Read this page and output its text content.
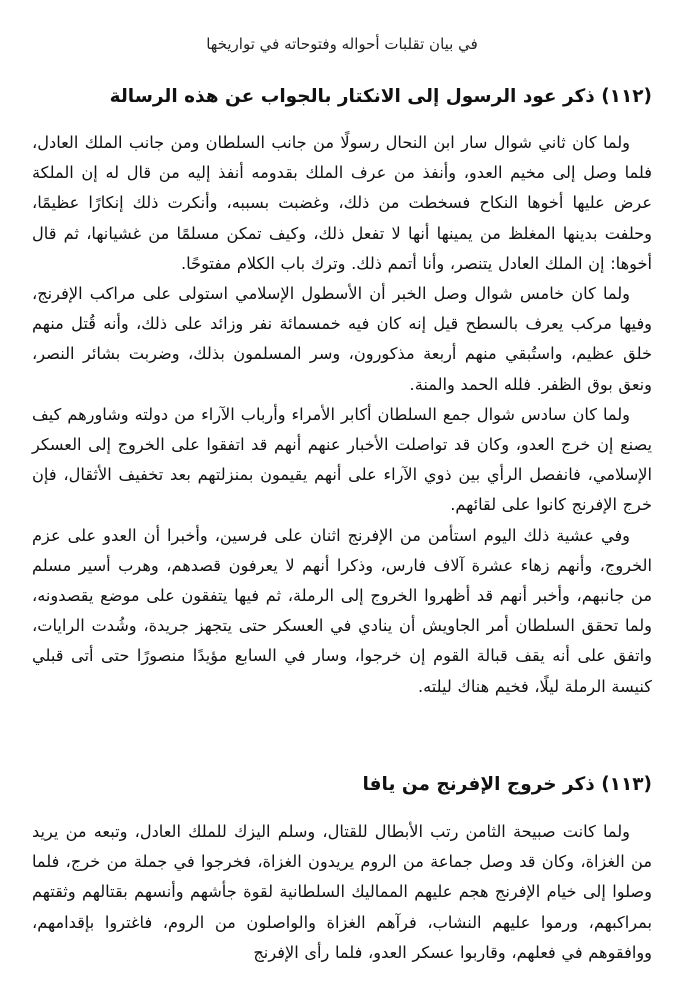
في بيان تقلبات أحواله وفتوحاته في تواريخها
(١١٢) ذكر عود الرسول إلى الانكتار بالجواب عن هذه الرسالة

ولما كان ثاني شوال سار ابن النحال رسولًا من جانب السلطان ومن جانب الملك العادل، فلما وصل إلى مخيم العدو، وأنفذ من عرف الملك بقدومه أنفذ إليه من قال له إن الملكة عرض عليها أخوها النكاح فسخطت من ذلك، وغضبت بسببه، وأنكرت ذلك إنكارًا عظيمًا، وحلفت بدينها المغلظ من يمينها أنها لا تفعل ذلك، وكيف تمكن مسلمًا من غشيانها، ثم قال أخوها: إن الملك العادل يتنصر، وأنا أتمم ذلك. وترك باب الكلام مفتوحًا.

ولما كان خامس شوال وصل الخبر أن الأسطول الإسلامي استولى على مراكب الإفرنج، وفيها مركب يعرف بالسطح قيل إنه كان فيه خمسمائة نفر وزائد على ذلك، وأنه قُتل منهم خلق عظيم، واستُبقي منهم أربعة مذكورون، وسر المسلمون بذلك، وضربت بشائر النصر، ونعق بوق الظفر. فلله الحمد والمنة.

ولما كان سادس شوال جمع السلطان أكابر الأمراء وأرباب الآراء من دولته وشاورهم كيف يصنع إن خرج العدو، وكان قد تواصلت الأخبار عنهم أنهم قد اتفقوا على الخروج إلى العسكر الإسلامي، فانفصل الرأي بين ذوي الآراء على أنهم يقيمون بمنزلتهم بعد تخفيف الأثقال، فإن خرج الإفرنج كانوا على لقائهم.

وفي عشية ذلك اليوم استأمن من الإفرنج اثنان على فرسين، وأخبرا أن العدو على عزم الخروج، وأنهم زهاء عشرة آلاف فارس، وذكرا أنهم لا يعرفون قصدهم، وهرب أسير مسلم من جانبهم، وأخبر أنهم قد أظهروا الخروج إلى الرملة، ثم فيها يتفقون على موضع يقصدونه، ولما تحقق السلطان أمر الجاويش أن ينادي في العسكر حتى يتجهز جريدة، وشُدت الرايات، واتفق على أنه يقف قبالة القوم إن خرجوا، وسار في السابع مؤيدًا منصورًا حتى أتى قبلي كنيسة الرملة ليلًا، فخيم هناك ليلته.

(١١٣) ذكر خروج الإفرنج من يافا

ولما كانت صبيحة الثامن رتب الأبطال للقتال، وسلم اليزك للملك العادل، وتبعه من يريد من الغزاة، وكان قد وصل جماعة من الروم يريدون الغزاة، فخرجوا في جملة من خرج، فلما وصلوا إلى خيام الإفرنج هجم عليهم المماليك السلطانية لقوة جأشهم وأنسهم بقتالهم وثقتهم بمراكبهم، ورموا عليهم النشاب، فرآهم الغزاة والواصلون من الروم، فاغتروا بإقدامهم، ووافقوهم في فعلهم، وقاربوا عسكر العدو، فلما رأى الإفرنج
